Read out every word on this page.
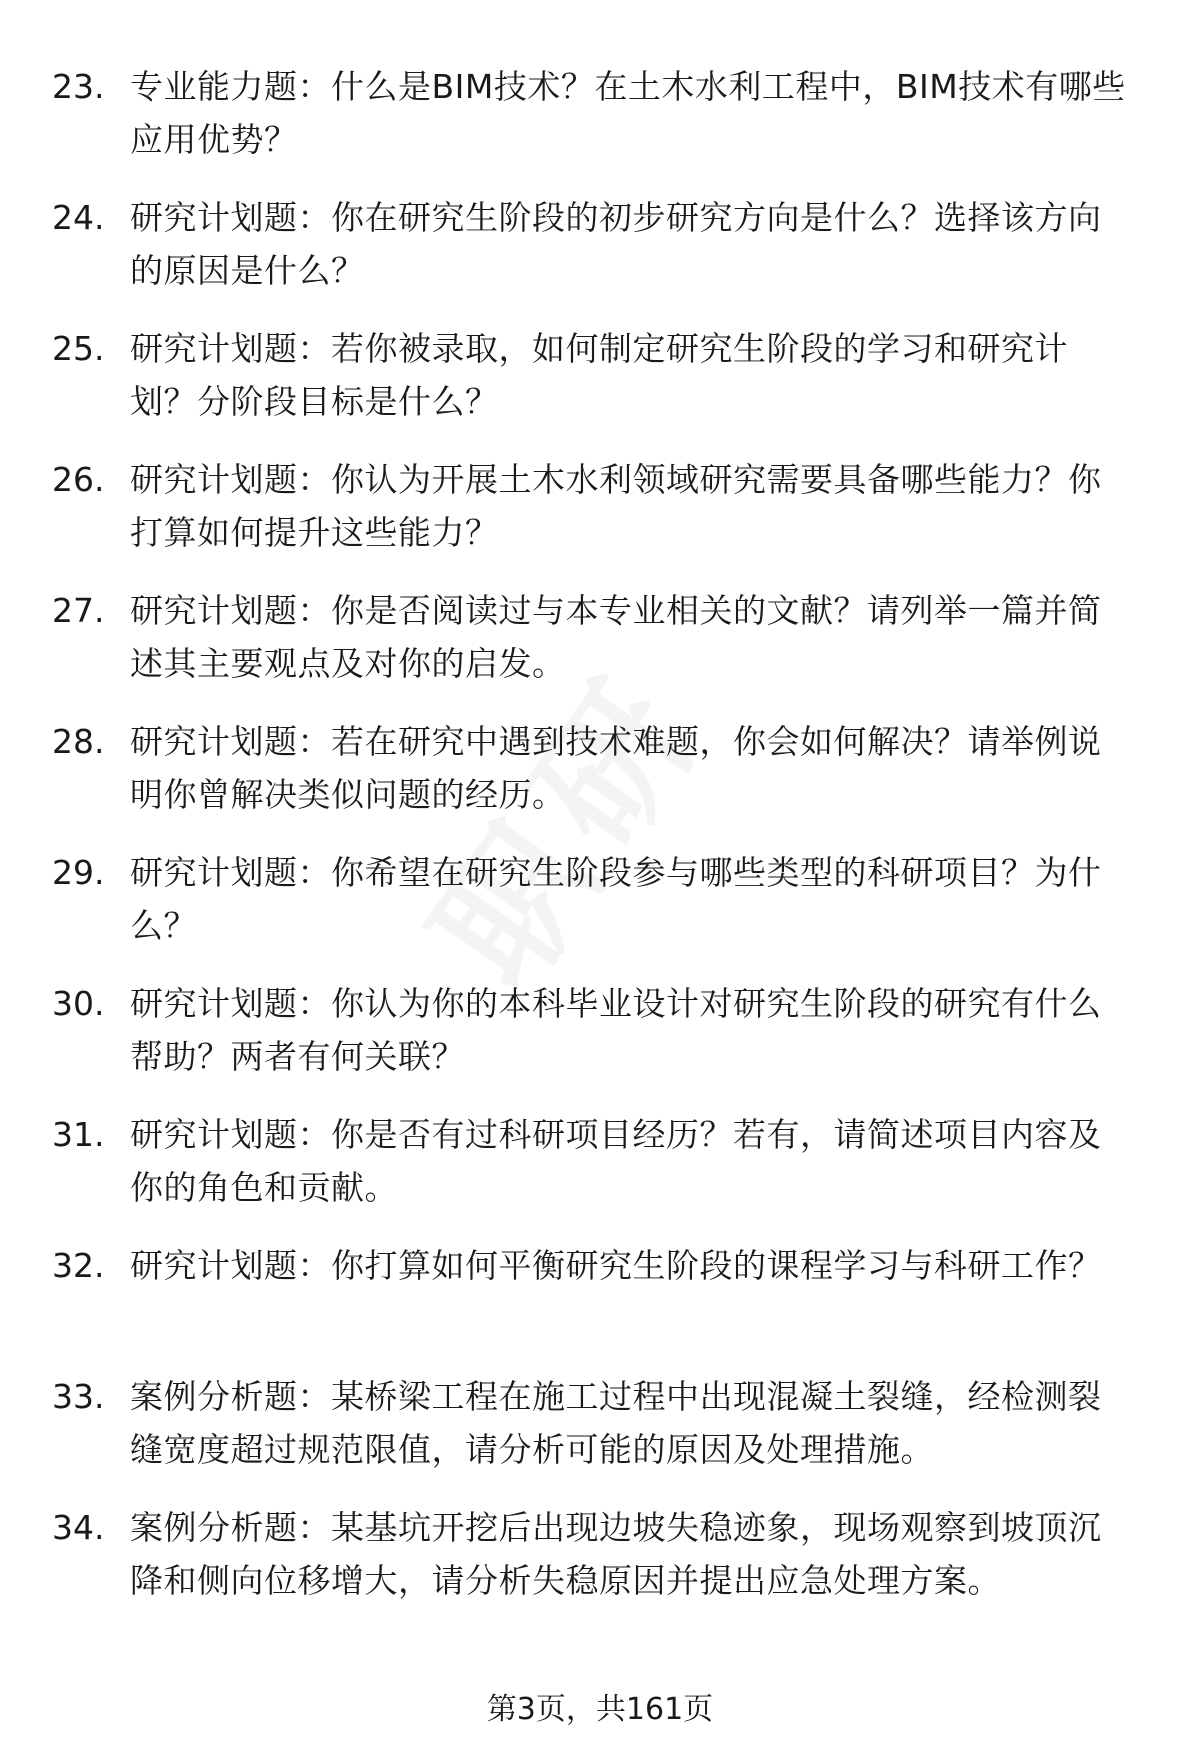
23. 专业能力题：什么是BIM技术？在土木水利工程中，BIM技术有哪些应用优势？
24. 研究计划题：你在研究生阶段的初步研究方向是什么？选择该方向的原因是什么？
25. 研究计划题：若你被录取，如何制定研究生阶段的学习和研究计划？分阶段目标是什么？
26. 研究计划题：你认为开展土木水利领域研究需要具备哪些能力？你打算如何提升这些能力？
27. 研究计划题：你是否阅读过与本专业相关的文献？请列举一篇并简述其主要观点及对你的启发。
28. 研究计划题：若在研究中遇到技术难题，你会如何解决？请举例说明你曾解决类似问题的经历。
29. 研究计划题：你希望在研究生阶段参与哪些类型的科研项目？为什么？
30. 研究计划题：你认为你的本科毕业设计对研究生阶段的研究有什么帮助？两者有何关联？
31. 研究计划题：你是否有过科研项目经历？若有，请简述项目内容及你的角色和贡献。
32. 研究计划题：你打算如何平衡研究生阶段的课程学习与科研工作？
33. 案例分析题：某桥梁工程在施工过程中出现混凝土裂缝，经检测裂缝宽度超过规范限值，请分析可能的原因及处理措施。
34. 案例分析题：某基坑开挖后出现边坡失稳迹象，现场观察到坡顶沉降和侧向位移增大，请分析失稳原因并提出应急处理方案。
第3页，共161页
